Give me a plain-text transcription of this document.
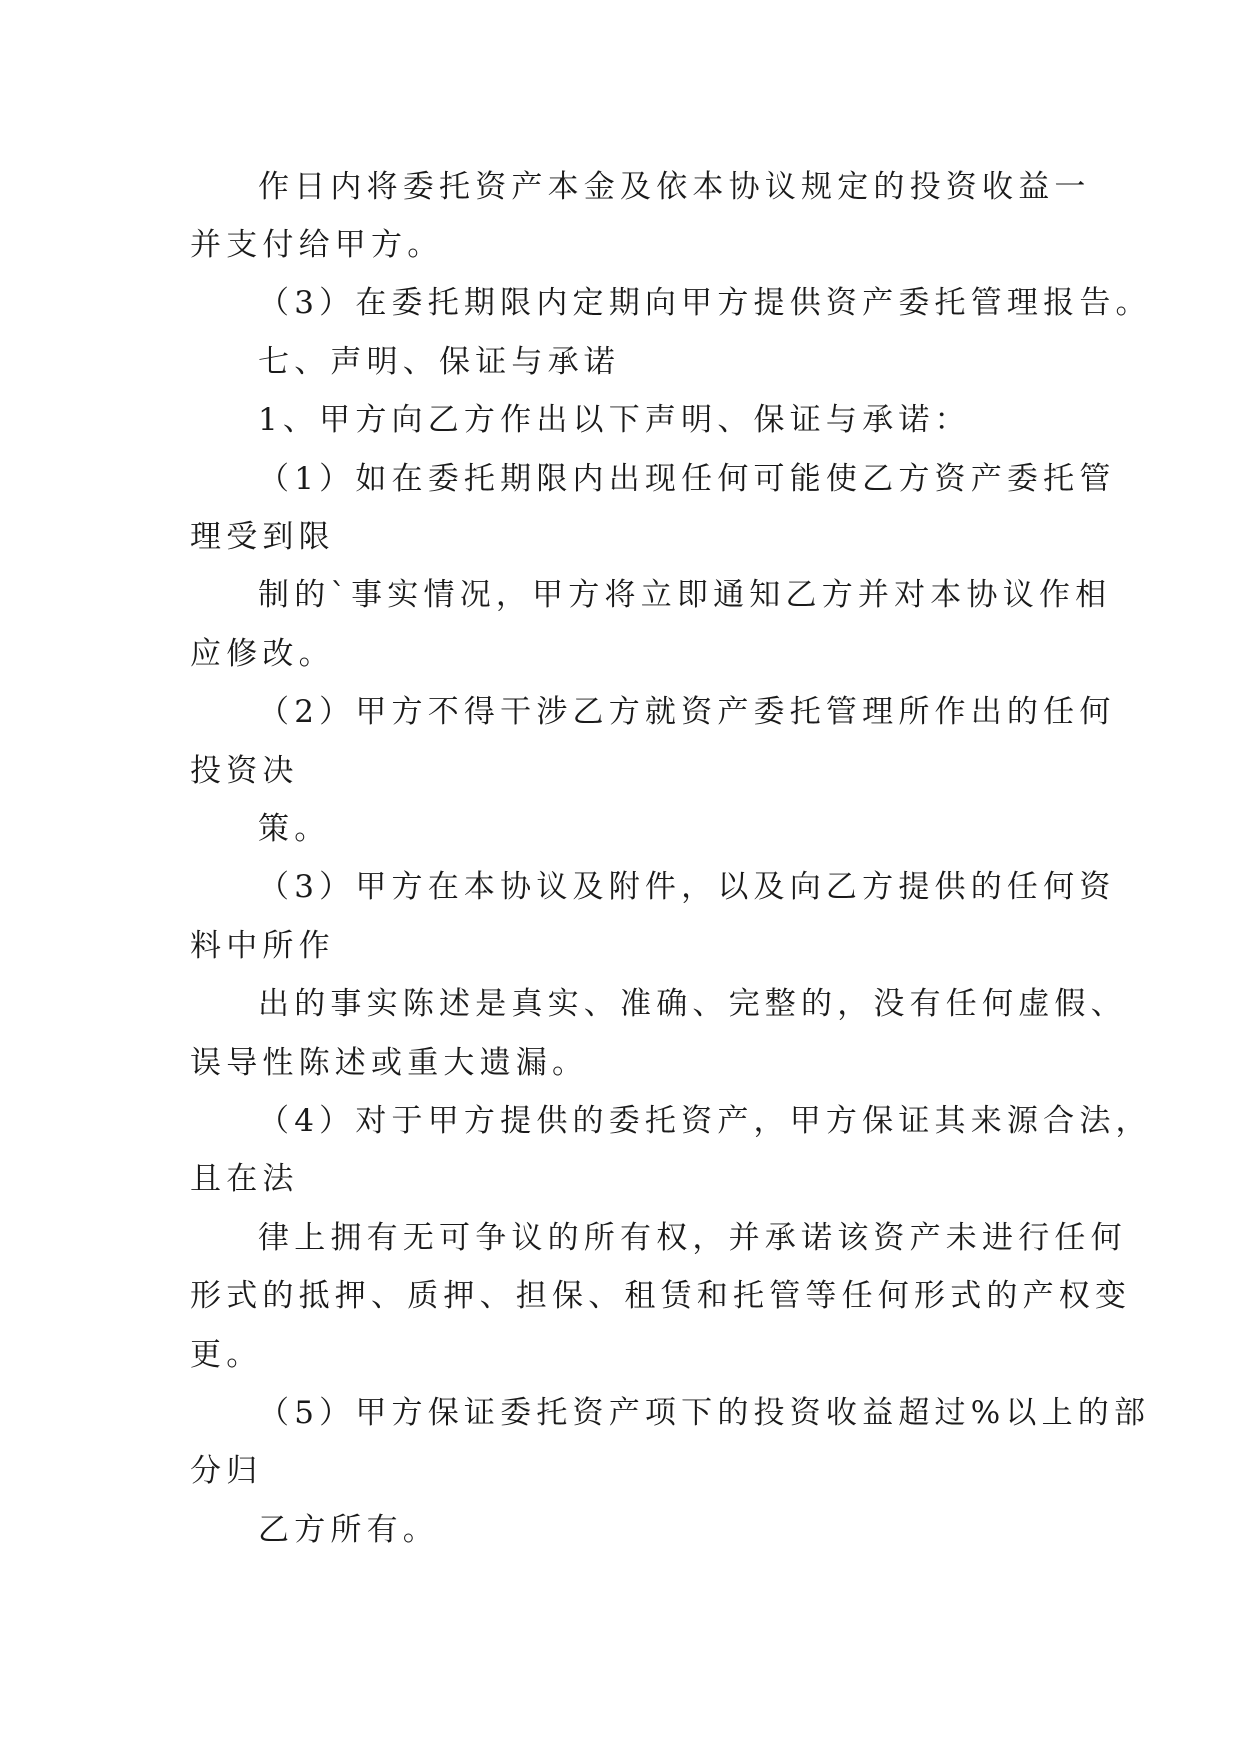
作日内将委托资产本金及依本协议规定的投资收益一
并支付给甲方。
（3）在委托期限内定期向甲方提供资产委托管理报告。
七、声明、保证与承诺
1、甲方向乙方作出以下声明、保证与承诺：
（1）如在委托期限内出现任何可能使乙方资产委托管
理受到限
制的`事实情况，甲方将立即通知乙方并对本协议作相
应修改。
（2）甲方不得干涉乙方就资产委托管理所作出的任何
投资决
策。
（3）甲方在本协议及附件，以及向乙方提供的任何资
料中所作
出的事实陈述是真实、准确、完整的，没有任何虚假、
误导性陈述或重大遗漏。
（4）对于甲方提供的委托资产，甲方保证其来源合法，
且在法
律上拥有无可争议的所有权，并承诺该资产未进行任何
形式的抵押、质押、担保、租赁和托管等任何形式的产权变
更。
（5）甲方保证委托资产项下的投资收益超过%以上的部
分归
乙方所有。
